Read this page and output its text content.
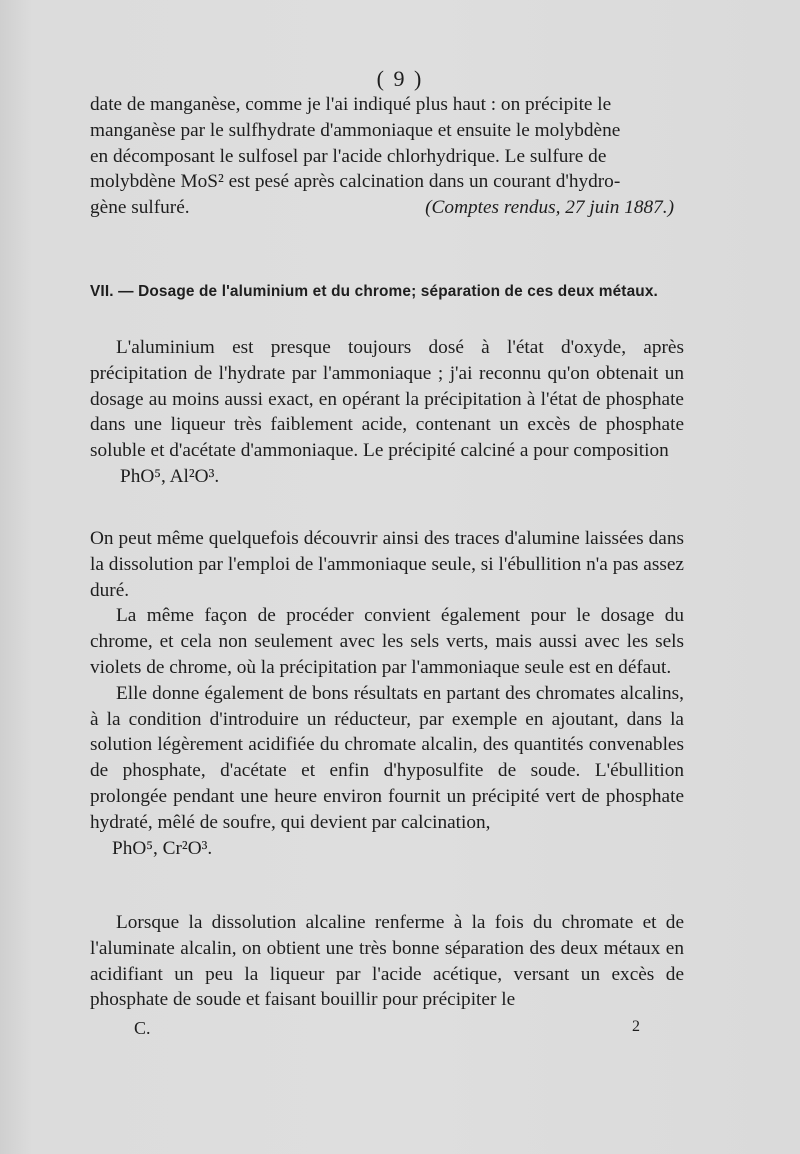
( 9 )
date de manganèse, comme je l'ai indiqué plus haut : on précipite le
manganèse par le sulfhydrate d'ammoniaque et ensuite le molybdène
en décomposant le sulfosel par l'acide chlorhydrique. Le sulfure de
molybdène MoS² est pesé après calcination dans un courant d'hydro-
gène sulfuré.	(Comptes rendus, 27 juin 1887.)
VII. — Dosage de l'aluminium et du chrome; séparation de ces deux métaux.

L'aluminium est presque toujours dosé à l'état d'oxyde, après précipitation de l'hydrate par l'ammoniaque ; j'ai reconnu qu'on obtenait un dosage au moins aussi exact, en opérant la précipitation à l'état de phosphate dans une liqueur très faiblement acide, contenant un excès de phosphate soluble et d'acétate d'ammoniaque. Le précipité calciné a pour composition

PhO⁵, Al²O³.

On peut même quelquefois découvrir ainsi des traces d'alumine laissées dans la dissolution par l'emploi de l'ammoniaque seule, si l'ébullition n'a pas assez duré.

La même façon de procéder convient également pour le dosage du chrome, et cela non seulement avec les sels verts, mais aussi avec les sels violets de chrome, où la précipitation par l'ammoniaque seule est en défaut.

Elle donne également de bons résultats en partant des chromates alcalins, à la condition d'introduire un réducteur, par exemple en ajoutant, dans la solution légèrement acidifiée du chromate alcalin, des quantités convenables de phosphate, d'acétate et enfin d'hyposulfite de soude. L'ébullition prolongée pendant une heure environ fournit un précipité vert de phosphate hydraté, mêlé de soufre, qui devient par calcination,

PhO⁵, Cr²O³.

Lorsque la dissolution alcaline renferme à la fois du chromate et de l'aluminate alcalin, on obtient une très bonne séparation des deux métaux en acidifiant un peu la liqueur par l'acide acétique, versant un excès de phosphate de soude et faisant bouillir pour précipiter le

C.	2
